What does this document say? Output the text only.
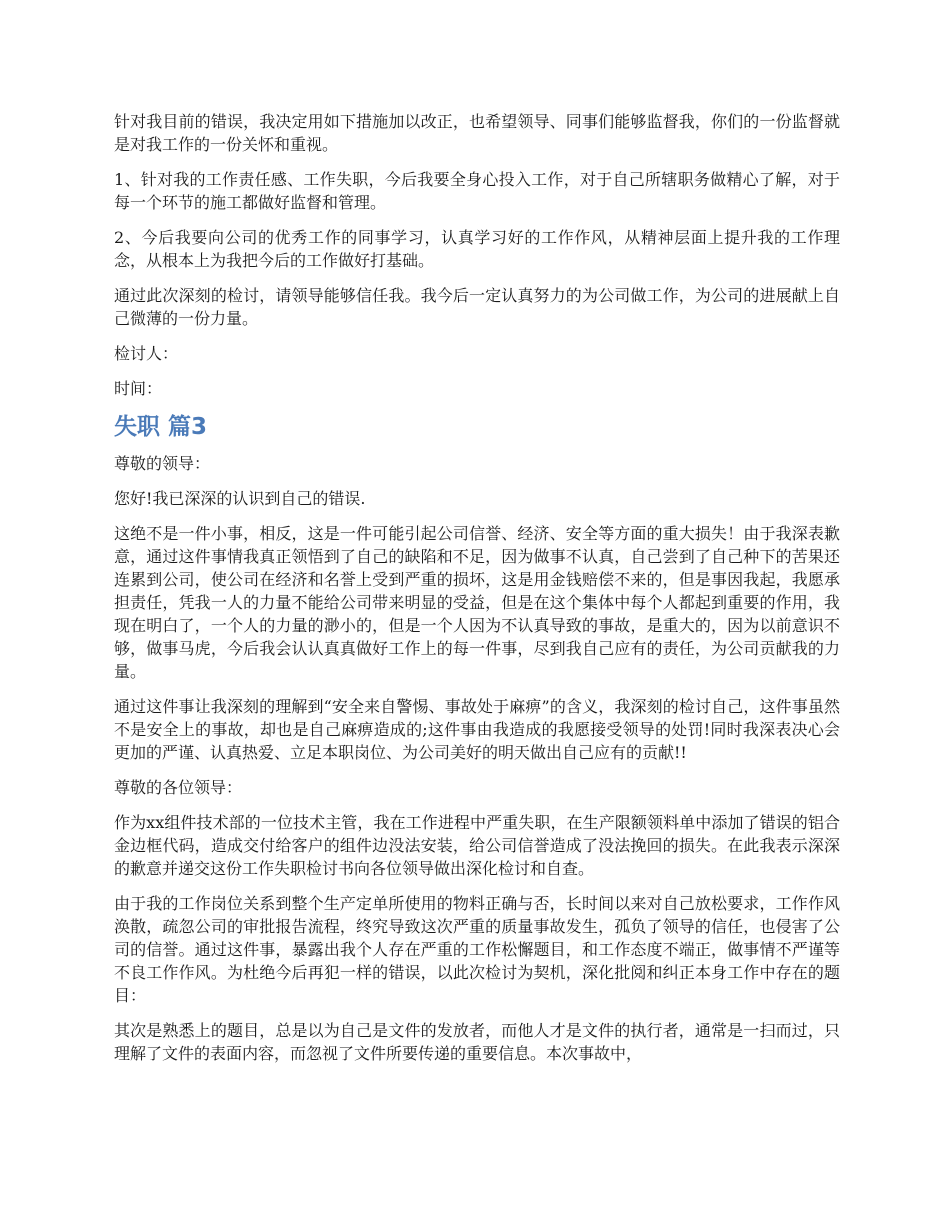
针对我目前的错误，我决定用如下措施加以改正，也希望领导、同事们能够监督我，你们的一份监督就是对我工作的一份关怀和重视。

1、针对我的工作责任感、工作失职，今后我要全身心投入工作，对于自己所辖职务做精心了解，对于每一个环节的施工都做好监督和管理。

2、今后我要向公司的优秀工作的同事学习，认真学习好的工作作风，从精神层面上提升我的工作理念，从根本上为我把今后的工作做好打基础。

通过此次深刻的检讨，请领导能够信任我。我今后一定认真努力的为公司做工作，为公司的进展献上自己微薄的一份力量。

检讨人：

时间：

失职 篇3

尊敬的领导：

您好!我已深深的认识到自己的错误.

这绝不是一件小事，相反，这是一件可能引起公司信誉、经济、安全等方面的重大损失！由于我深表歉意，通过这件事情我真正领悟到了自己的缺陷和不足，因为做事不认真，自己尝到了自己种下的苦果还连累到公司，使公司在经济和名誉上受到严重的损坏，这是用金钱赔偿不来的，但是事因我起，我愿承担责任，凭我一人的力量不能给公司带来明显的受益，但是在这个集体中每个人都起到重要的作用，我现在明白了，一个人的力量的渺小的，但是一个人因为不认真导致的事故，是重大的，因为以前意识不够，做事马虎，今后我会认认真真做好工作上的每一件事，尽到我自己应有的责任，为公司贡献我的力量。

通过这件事让我深刻的理解到“安全来自警惕、事故处于麻痹”的含义，我深刻的检讨自己，这件事虽然不是安全上的事故，却也是自己麻痹造成的;这件事由我造成的我愿接受领导的处罚!同时我深表决心会更加的严谨、认真热爱、立足本职岗位、为公司美好的明天做出自己应有的贡献!!

尊敬的各位领导：

作为xx组件技术部的一位技术主管，我在工作进程中严重失职，在生产限额领料单中添加了错误的铝合金边框代码，造成交付给客户的组件边没法安装，给公司信誉造成了没法挽回的损失。在此我表示深深的歉意并递交这份工作失职检讨书向各位领导做出深化检讨和自查。

由于我的工作岗位关系到整个生产定单所使用的物料正确与否，长时间以来对自己放松要求，工作作风涣散，疏忽公司的审批报告流程，终究导致这次严重的质量事故发生，孤负了领导的信任，也侵害了公司的信誉。通过这件事，暴露出我个人存在严重的工作松懈题目，和工作态度不端正，做事情不严谨等不良工作作风。为杜绝今后再犯一样的错误，以此次检讨为契机，深化批阅和纠正本身工作中存在的题目：

其次是熟悉上的题目，总是以为自己是文件的发放者，而他人才是文件的执行者，通常是一扫而过，只理解了文件的表面内容，而忽视了文件所要传递的重要信息。本次事故中，
